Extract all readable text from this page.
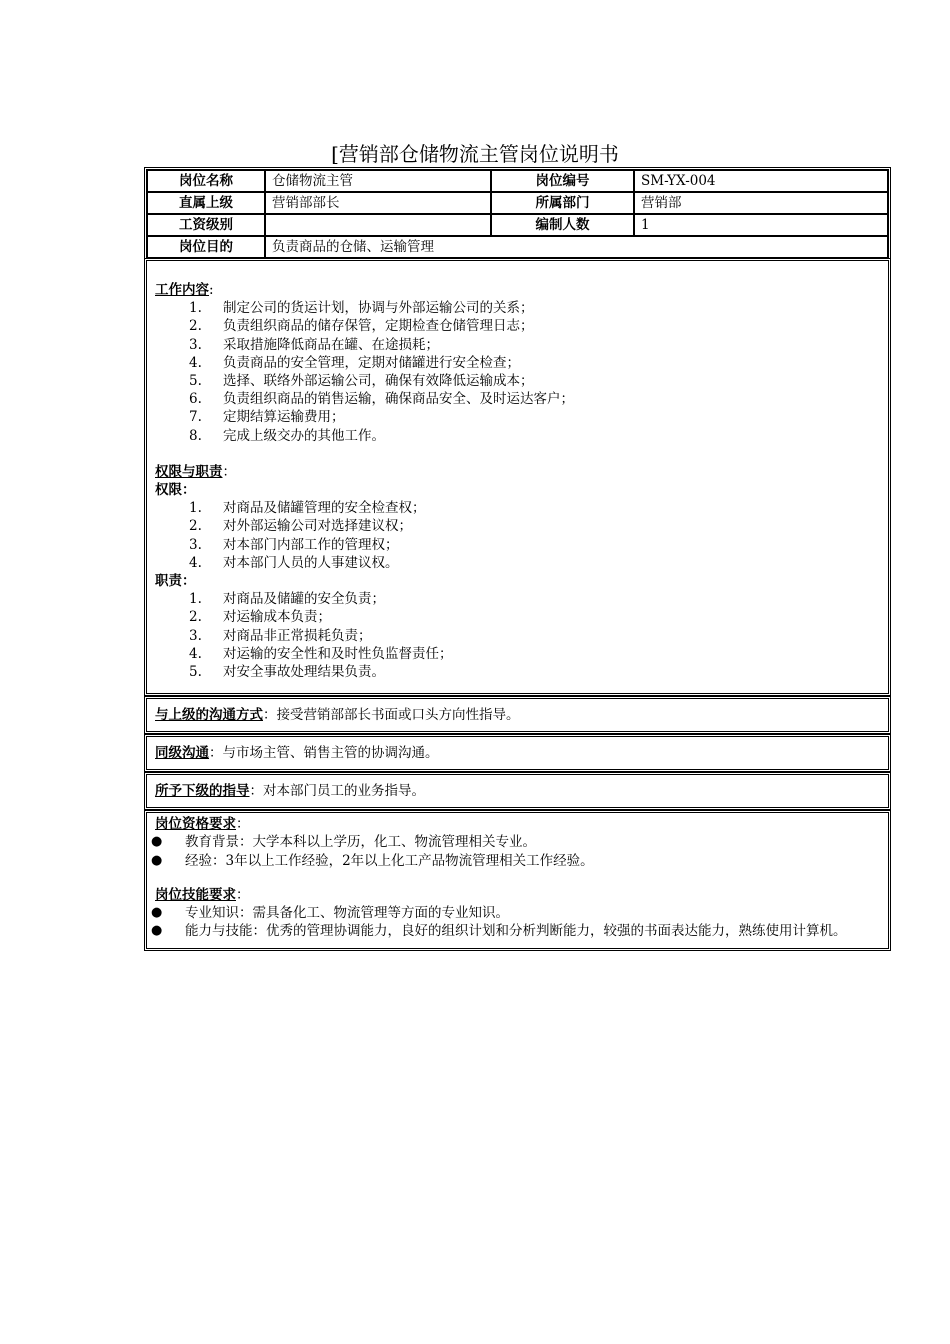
[营销部仓储物流主管岗位说明书
岗位名称	仓储物流主管	岗位编号	SM-YX-004
直属上级	营销部部长	所属部门	营销部
工资级别		编制人数	1
岗位目的	负责商品的仓储、运输管理		
工作内容:
1.	制定公司的货运计划，协调与外部运输公司的关系；
2.	负责组织商品的储存保管，定期检查仓储管理日志；
3.	采取措施降低商品在罐、在途损耗；
4.	负责商品的安全管理，定期对储罐进行安全检查；
5.	选择、联络外部运输公司，确保有效降低运输成本；
6.	负责组织商品的销售运输，确保商品安全、及时运达客户；
7.	定期结算运输费用；
8.	完成上级交办的其他工作。
权限与职责：
权限：
1.	对商品及储罐管理的安全检查权；
2.	对外部运输公司对选择建议权；
3.	对本部门内部工作的管理权；
4.	对本部门人员的人事建议权。
职责：
1.	对商品及储罐的安全负责；
2.	对运输成本负责；
3.	对商品非正常损耗负责；
4.	对运输的安全性和及时性负监督责任；
5.	对安全事故处理结果负责。
与上级的沟通方式：接受营销部部长书面或口头方向性指导。
同级沟通：与市场主管、销售主管的协调沟通。
所予下级的指导：对本部门员工的业务指导。
岗位资格要求：
● 教育背景：大学本科以上学历，化工、物流管理相关专业。
● 经验：3年以上工作经验，2年以上化工产品物流管理相关工作经验。
岗位技能要求：
● 专业知识：需具备化工、物流管理等方面的专业知识。
● 能力与技能：优秀的管理协调能力，良好的组织计划和分析判断能力，较强的书面表达能力，熟练使用计算机。
